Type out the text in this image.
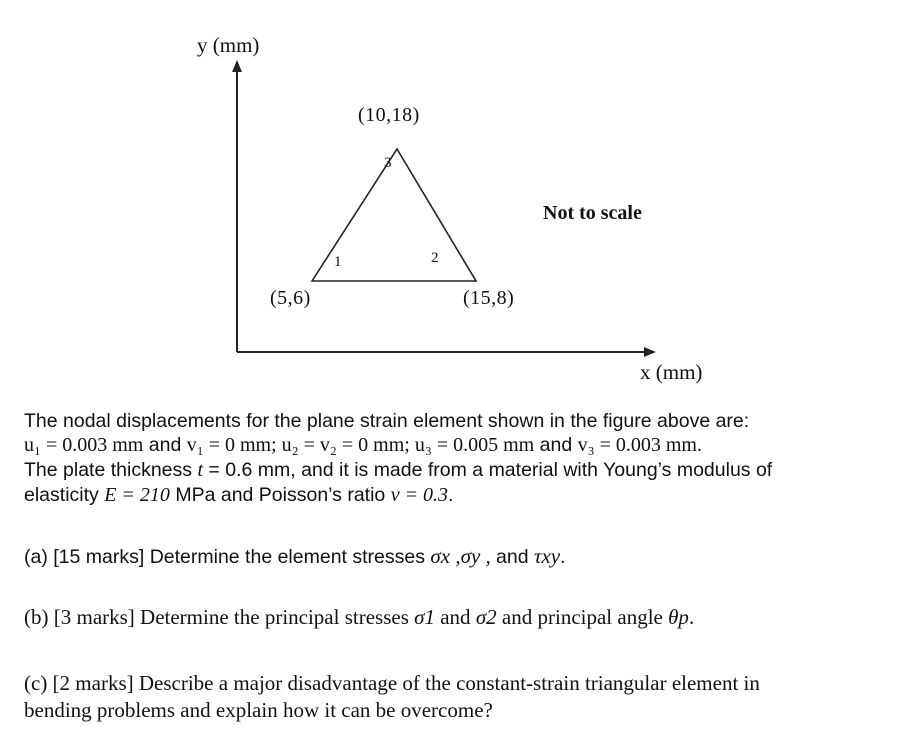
y (mm)
x (mm)
(10,18)
3
1	2
(5,6)	(15,8)
Not to scale
The nodal displacements for the plane strain element shown in the figure above are:
u₁ = 0.003 mm and v₁ = 0 mm; u₂ = v₂ = 0 mm; u₃ = 0.005 mm and v₃ = 0.003 mm.
The plate thickness t = 0.6 mm, and it is made from a material with Young’s modulus of
elasticity E = 210 MPa and Poisson’s ratio ν = 0.3.
(a) [15 marks] Determine the element stresses σx ,σy , and τxy.
(b) [3 marks] Determine the principal stresses σ1 and σ2 and principal angle θp.
(c) [2 marks] Describe a major disadvantage of the constant-strain triangular element in
bending problems and explain how it can be overcome?
